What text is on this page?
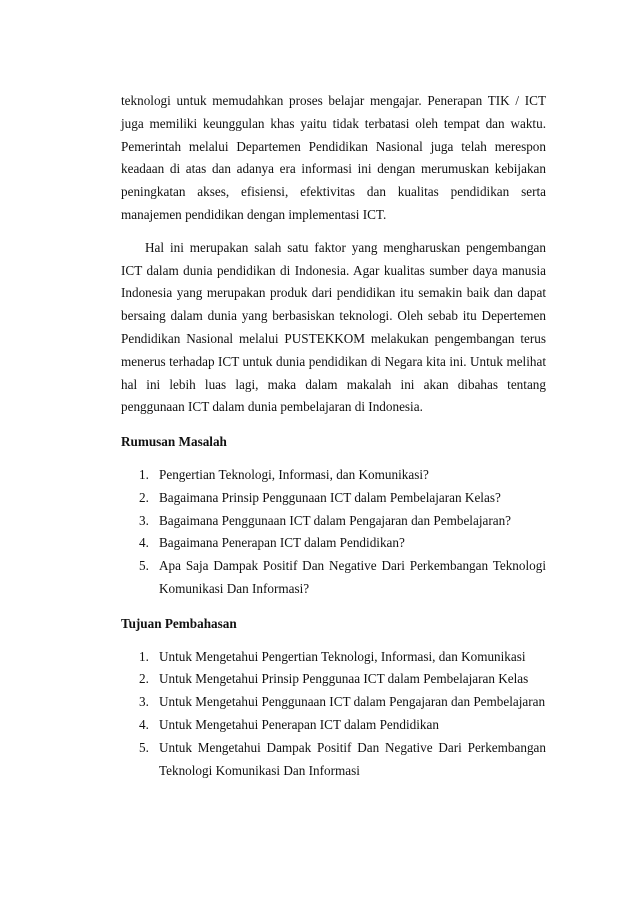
teknologi untuk memudahkan proses belajar mengajar. Penerapan TIK / ICT juga memiliki keunggulan khas yaitu tidak terbatasi oleh tempat dan waktu. Pemerintah melalui Departemen Pendidikan Nasional juga telah merespon keadaan di atas dan adanya era informasi ini dengan merumuskan kebijakan peningkatan akses, efisiensi, efektivitas dan kualitas pendidikan serta manajemen pendidikan dengan implementasi ICT.

Hal ini merupakan salah satu faktor yang mengharuskan pengembangan ICT dalam dunia pendidikan di Indonesia. Agar kualitas sumber daya manusia Indonesia yang merupakan produk dari pendidikan itu semakin baik dan dapat bersaing dalam dunia yang berbasiskan teknologi. Oleh sebab itu Depertemen Pendidikan Nasional melalui PUSTEKKOM melakukan pengembangan terus menerus terhadap ICT untuk dunia pendidikan di Negara kita ini. Untuk melihat hal ini lebih luas lagi, maka dalam makalah ini akan dibahas tentang penggunaan ICT dalam dunia pembelajaran di Indonesia.

Rumusan Masalah

1. Pengertian Teknologi, Informasi, dan Komunikasi?
2. Bagaimana Prinsip Penggunaan ICT dalam Pembelajaran Kelas?
3. Bagaimana Penggunaan ICT dalam Pengajaran dan Pembelajaran?
4. Bagaimana Penerapan ICT dalam Pendidikan?
5. Apa Saja Dampak Positif Dan Negative Dari Perkembangan Teknologi Komunikasi Dan Informasi?

Tujuan Pembahasan

1. Untuk Mengetahui Pengertian Teknologi, Informasi, dan Komunikasi
2. Untuk Mengetahui Prinsip Penggunaa ICT dalam Pembelajaran Kelas
3. Untuk Mengetahui Penggunaan ICT dalam Pengajaran dan Pembelajaran
4. Untuk Mengetahui Penerapan ICT dalam Pendidikan
5. Untuk Mengetahui Dampak Positif Dan Negative Dari Perkembangan Teknologi Komunikasi Dan Informasi
